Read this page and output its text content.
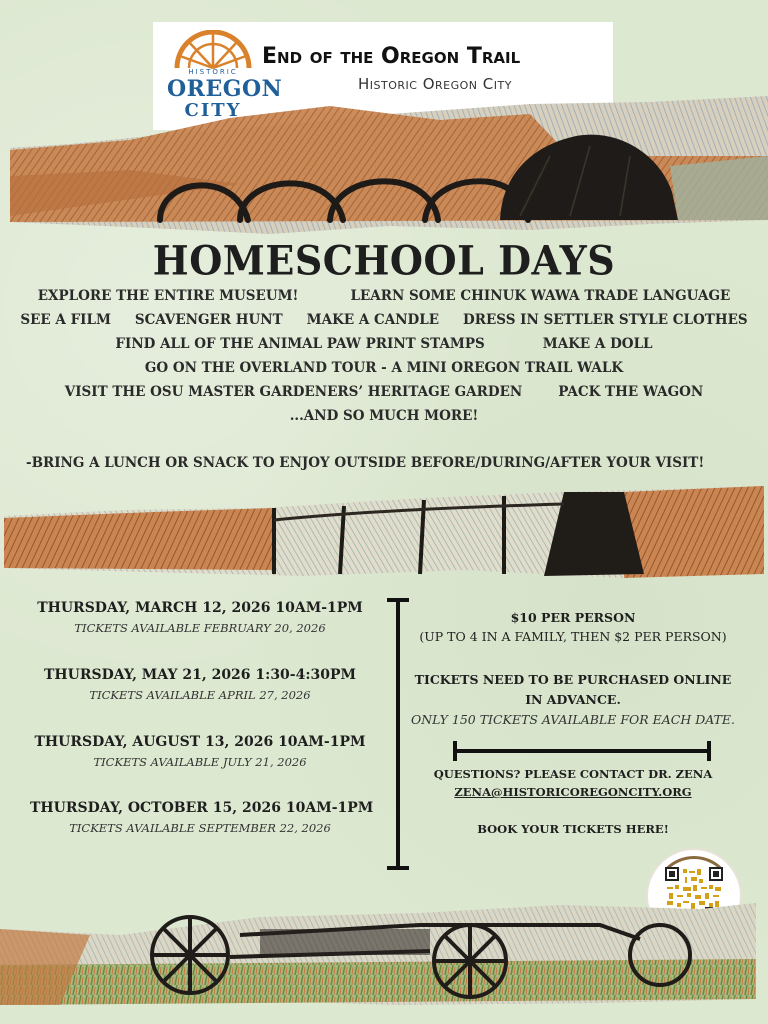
HISTORIC
OREGON
CITY
End of the Oregon Trail
Historic Oregon City
HOMESCHOOL DAYS
EXPLORE THE ENTIRE MUSEUM!	LEARN SOME CHINUK WAWA TRADE LANGUAGE
SEE A FILM SCAVENGER HUNT MAKE A CANDLE DRESS IN SETTLER STYLE CLOTHES
FIND ALL OF THE ANIMAL PAW PRINT STAMPS	MAKE A DOLL
GO ON THE OVERLAND TOUR - A MINI OREGON TRAIL WALK
VISIT THE OSU MASTER GARDENERS’ HERITAGE GARDEN	PACK THE WAGON
...AND SO MUCH MORE!
-BRING A LUNCH OR SNACK TO ENJOY OUTSIDE BEFORE/DURING/AFTER YOUR VISIT!
THURSDAY, MARCH 12, 2026 10AM-1PM
TICKETS AVAILABLE FEBRUARY 20, 2026
THURSDAY, MAY 21, 2026 1:30-4:30PM
TICKETS AVAILABLE APRIL 27, 2026
THURSDAY, AUGUST 13, 2026 10AM-1PM
TICKETS AVAILABLE JULY 21, 2026
THURSDAY, OCTOBER 15, 2026 10AM-1PM
TICKETS AVAILABLE SEPTEMBER 22, 2026
$10 PER PERSON
(UP TO 4 IN A FAMILY, THEN $2 PER PERSON)
TICKETS NEED TO BE PURCHASED ONLINE
IN ADVANCE.
ONLY 150 TICKETS AVAILABLE FOR EACH DATE.
QUESTIONS? PLEASE CONTACT DR. ZENA
ZENA@HISTORICOREGONCITY.ORG
BOOK YOUR TICKETS HERE!
